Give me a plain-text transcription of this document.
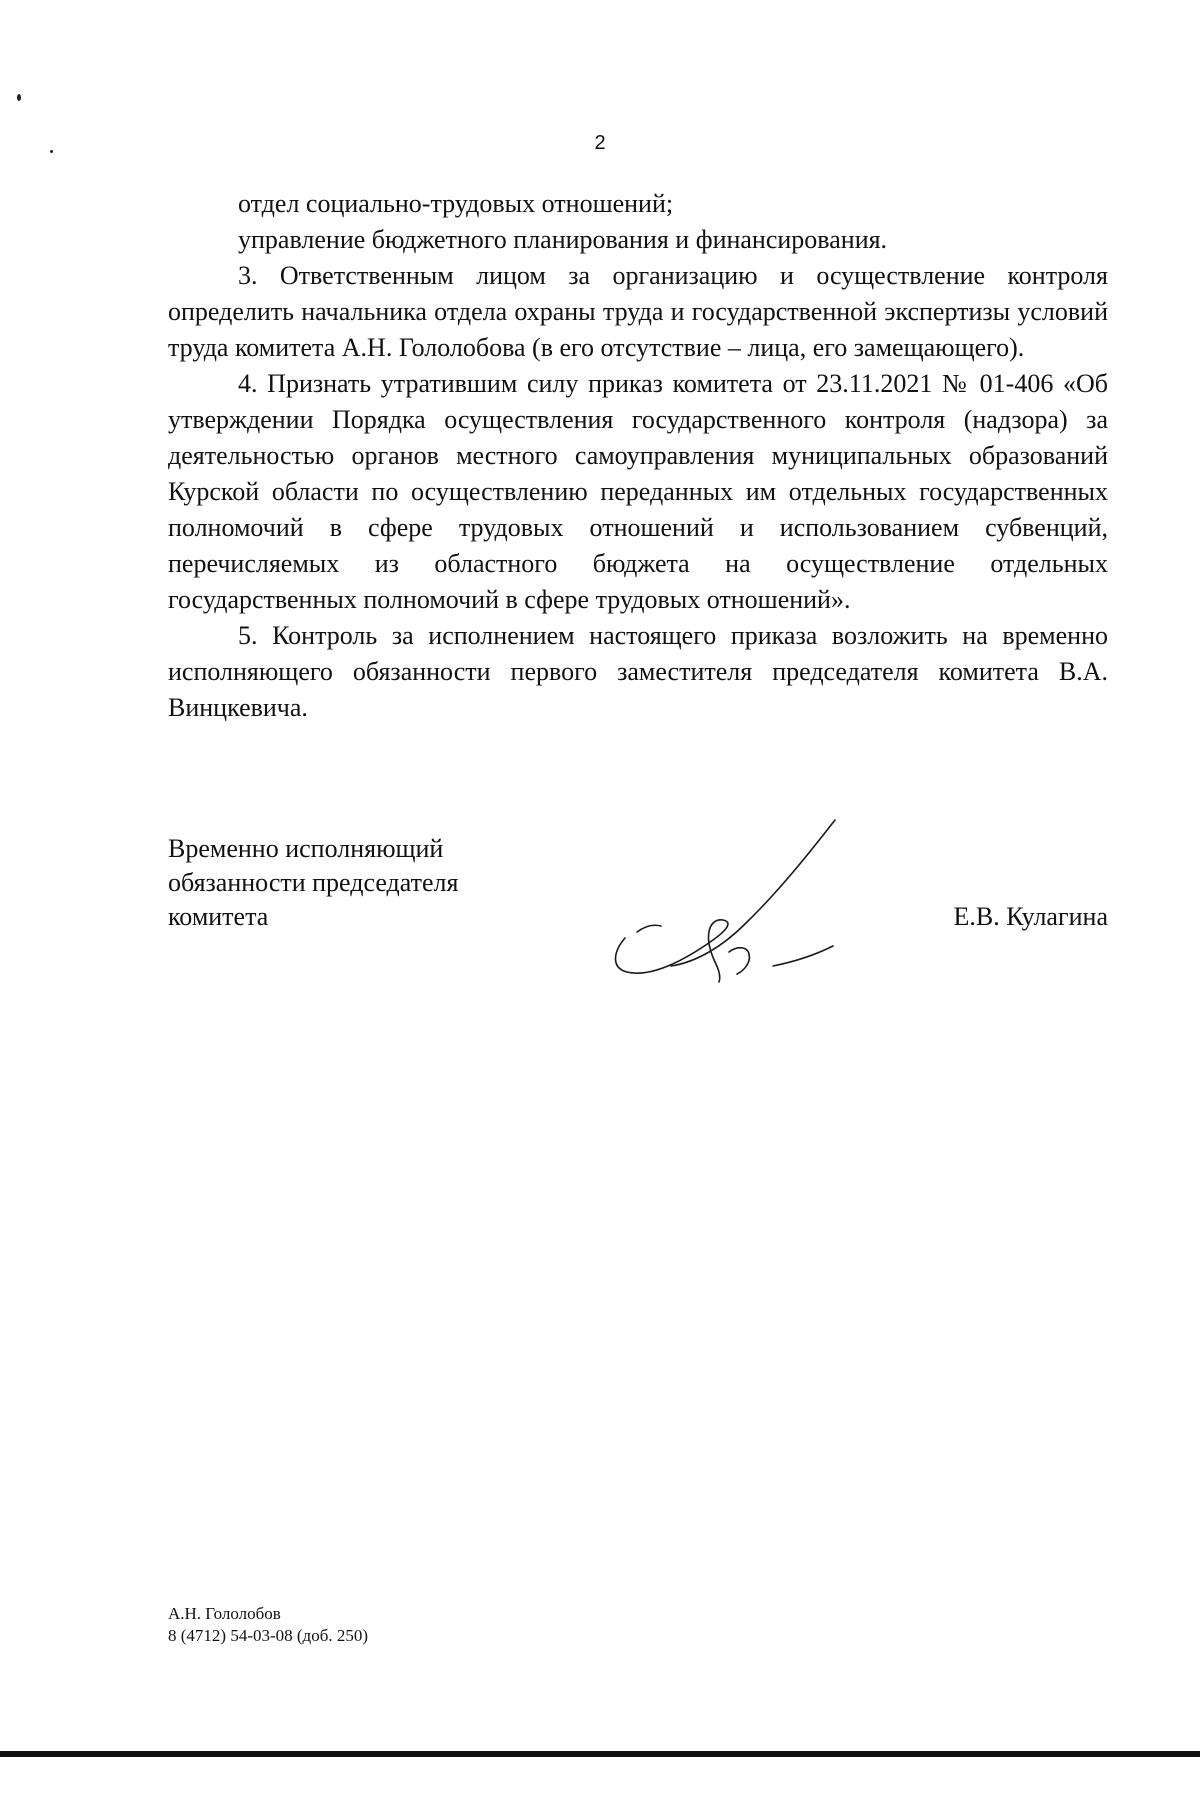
2

отдел социально-трудовых отношений;

управление бюджетного планирования и финансирования.

3. Ответственным лицом за организацию и осуществление контроля определить начальника отдела охраны труда и государственной экспертизы условий труда комитета А.Н. Гололобова (в его отсутствие – лица, его замещающего).

4. Признать утратившим силу приказ комитета от 23.11.2021 № 01-406 «Об утверждении Порядка осуществления государственного контроля (надзора) за деятельностью органов местного самоуправления муниципальных образований Курской области по осуществлению переданных им отдельных государственных полномочий в сфере трудовых отношений и использованием субвенций, перечисляемых из областного бюджета на осуществление отдельных государственных полномочий в сфере трудовых отношений».

5. Контроль за исполнением настоящего приказа возложить на временно исполняющего обязанности первого заместителя председателя комитета В.А. Винцкевича.

Временно исполняющий
обязанности председателя
комитета	Е.В. Кулагина
А.Н. Гололобов
8 (4712) 54-03-08 (доб. 250)
